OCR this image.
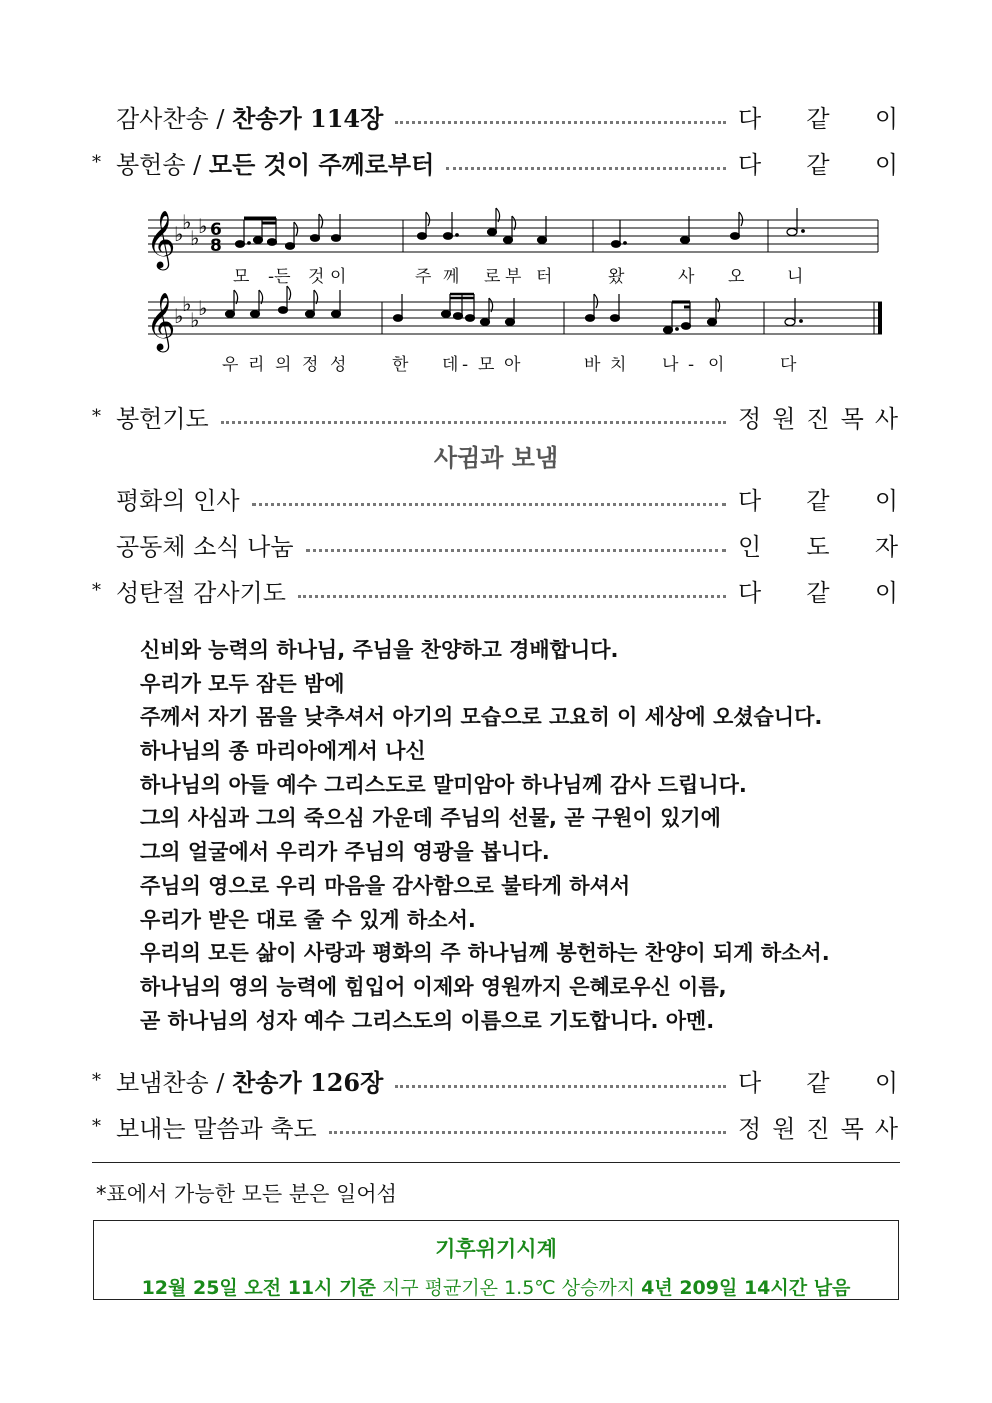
감사찬송 / 찬송가 114장	다 같 이
* 봉헌송 / 모든 것이 주께로부터	다 같 이
𝄞
𝄞
♭
♭
♭
♭
♭
♭
♭
♭
6
8
모 -든 것 이	주 께 로 부 터	왔	사 오	니
우 리 의 정 성	한 데 - 모 아	바 치 나 - 이	다
* 봉헌기도	정 원 진 목 사
사귐과 보냄
평화의 인사	다 같 이
공동체 소식 나눔	인 도 자
* 성탄절 감사기도	다 같 이
신비와 능력의 하나님, 주님을 찬양하고 경배합니다.
우리가 모두 잠든 밤에
주께서 자기 몸을 낮추셔서 아기의 모습으로 고요히 이 세상에 오셨습니다.
하나님의 종 마리아에게서 나신
하나님의 아들 예수 그리스도로 말미암아 하나님께 감사 드립니다.
그의 사심과 그의 죽으심 가운데 주님의 선물, 곧 구원이 있기에
그의 얼굴에서 우리가 주님의 영광을 봅니다.
주님의 영으로 우리 마음을 감사함으로 불타게 하셔서
우리가 받은 대로 줄 수 있게 하소서.
우리의 모든 삶이 사랑과 평화의 주 하나님께 봉헌하는 찬양이 되게 하소서.
하나님의 영의 능력에 힘입어 이제와 영원까지 은혜로우신 이름,
곧 하나님의 성자 예수 그리스도의 이름으로 기도합니다. 아멘.
* 보냄찬송 / 찬송가 126장	다 같 이
* 보내는 말씀과 축도	정 원 진 목 사
*표에서 가능한 모든 분은 일어섬
기후위기시계
12월 25일 오전 11시 기준 지구 평균기온 1.5℃ 상승까지 4년 209일 14시간 남음
